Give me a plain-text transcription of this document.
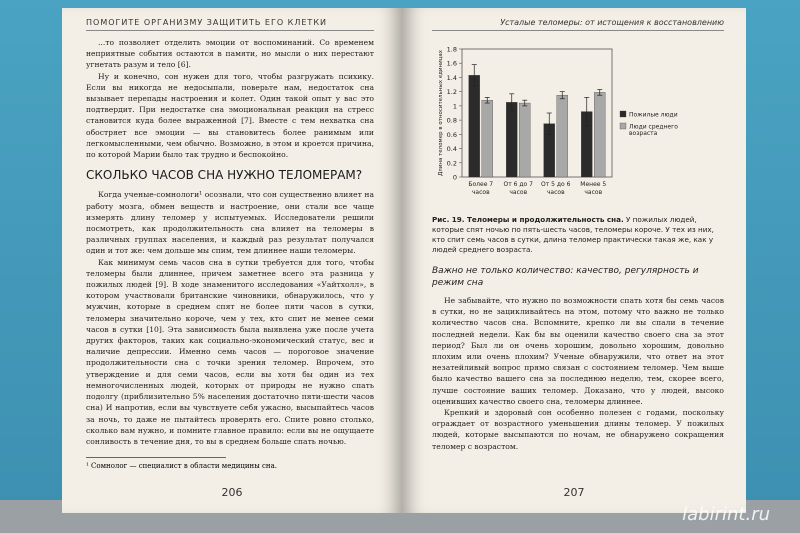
ПОМОГИТЕ ОРГАНИЗМУ ЗАЩИТИТЬ ЕГО КЛЕТКИ

...то позволяет отделить эмоции от воспоминаний. Со временем неприятные события остаются в памяти, но мысли о них перестают угнетать разум и тело [6].

Ну и конечно, сон нужен для того, чтобы разгружать психику. Если вы никогда не недосыпали, поверьте нам, недостаток сна вызывает перепады настроения и колет. Один такой опыт у вас это подтвердит. При недостатке сна эмоциональная реакция на стресс становится куда более выраженной [7]. Вместе с тем нехватка сна обостряет все эмоции — вы становитесь более ранимым или легкомысленными, чем обычно. Возможно, в этом и кроется причина, по которой Марии было так трудно и беспокойно.

СКОЛЬКО ЧАСОВ СНА НУЖНО ТЕЛОМЕРАМ?

Когда ученые-сомнологи¹ осознали, что сон существенно влияет на работу мозга, обмен веществ и настроение, они стали все чаще измерять длину теломер у испытуемых. Исследователи решили посмотреть, как продолжительность сна влияет на теломеры в различных группах населения, и каждый раз результат получался один и тот же: чем дольше мы спим, тем длиннее наши теломеры.

Как минимум семь часов сна в сутки требуется для того, чтобы теломеры были длиннее, причем заметнее всего эта разница у пожилых людей [9]. В ходе знаменитого исследования «Уайтхолл», в котором участвовали британские чиновники, обнаружилось, что у мужчин, которые в среднем спят не более пяти часов в сутки, теломеры значительно короче, чем у тех, кто спит не менее семи часов в сутки [10]. Эта зависимость была выявлена уже после учета других факторов, таких как социально-экономический статус, вес и наличие депрессии. Именно семь часов — пороговое значение продолжительности сна с точки зрения теломер. Впрочем, это утверждение и для семи часов, если вы хотя бы один из тех немногочисленных людей, которых от природы не нужно спать подолгу (приблизительно 5% населения достаточно пяти-шести часов сна) И напротив, если вы чувствуете себя ужасно, высыпайтесь часов за ночь, то даже не пытайтесь проверять его. Спите ровно столько, сколько вам нужно, и помните главное правило: если вы не ощущаете сонливость в течение дня, то вы в среднем больше спать ночью.

¹ Сомнолог — специалист в области медицины сна.
206
Усталые теломеры: от истощения к восстановлению
0
0.2
0.4
0.6
0.8
1
1.2
1.4
1.6
1.8
Длина теломер в относительных единицах
Более 7
часов
От 6 до 7
часов
От 5 до 6
часов
Менее 5
часов
Пожилые люди
Люди среднего
возраста
Рис. 19. Теломеры и продолжительность сна. У пожилых людей, которые спят ночью по пять-шесть часов, теломеры короче. У тех из них, кто спит семь часов в сутки, длина теломер практически такая же, как у людей среднего возраста.
Важно не только количество: качество, регулярность и режим сна

Не забывайте, что нужно по возможности спать хотя бы семь часов в сутки, но не зацикливайтесь на этом, потому что важно не только количество часов сна. Вспомните, крепко ли вы спали в течение последней недели. Как бы вы оценили качество своего сна за этот период? Был ли он очень хорошим, довольно хорошим, довольно плохим или очень плохим? Ученые обнаружили, что ответ на этот незатейливый вопрос прямо связан с состоянием теломер. Чем выше было качество вашего сна за последнюю неделю, тем, скорее всего, лучше состояние ваших теломер. Доказано, что у людей, высоко оценивших качество своего сна, теломеры длиннее.

Крепкий и здоровый сон особенно полезен с годами, поскольку ограждает от возрастного уменьшения длины теломер. У пожилых людей, которые высыпаются по ночам, не обнаружено сокращения теломер с возрастом.

207
labirint.ru
